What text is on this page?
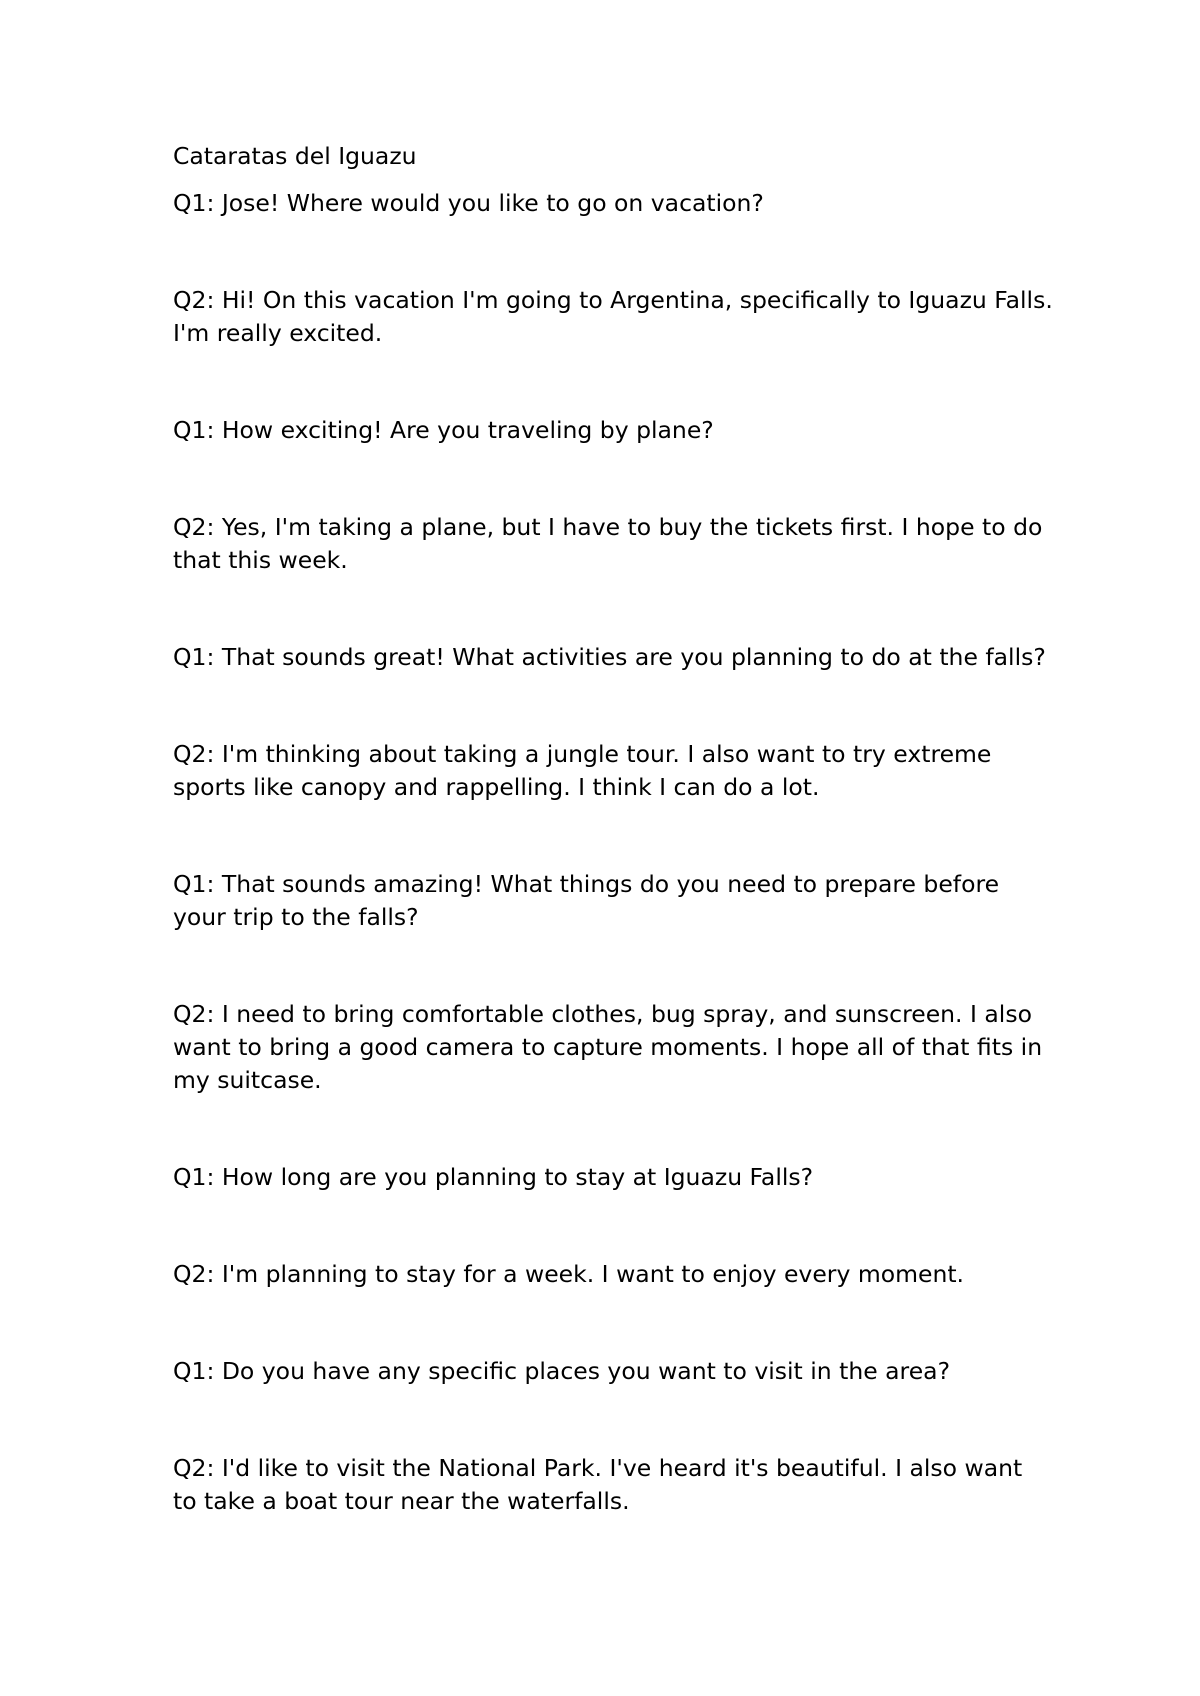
Cataratas del Iguazu

Q1: Jose! Where would you like to go on vacation?

Q2: Hi! On this vacation I'm going to Argentina, specifically to Iguazu Falls. I'm really excited.

Q1: How exciting! Are you traveling by plane?

Q2: Yes, I'm taking a plane, but I have to buy the tickets first. I hope to do that this week.

Q1: That sounds great! What activities are you planning to do at the falls?

Q2: I'm thinking about taking a jungle tour. I also want to try extreme sports like canopy and rappelling. I think I can do a lot.

Q1: That sounds amazing! What things do you need to prepare before your trip to the falls?

Q2: I need to bring comfortable clothes, bug spray, and sunscreen. I also want to bring a good camera to capture moments. I hope all of that fits in my suitcase.

Q1: How long are you planning to stay at Iguazu Falls?

Q2: I'm planning to stay for a week. I want to enjoy every moment.

Q1: Do you have any specific places you want to visit in the area?

Q2: I'd like to visit the National Park. I've heard it's beautiful. I also want to take a boat tour near the waterfalls.
